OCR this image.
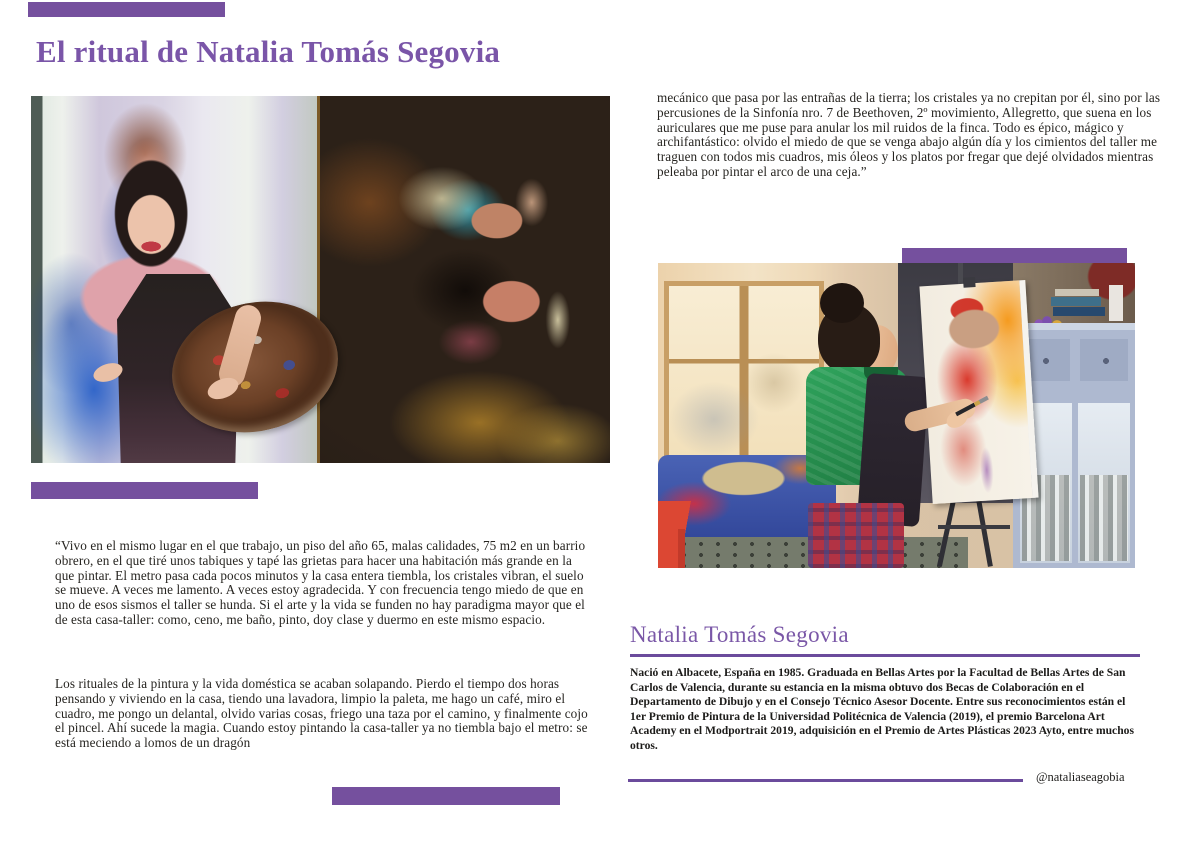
El ritual de Natalia Tomás Segovia

“Vivo en el mismo lugar en el que trabajo, un piso del año 65, malas calidades, 75 m2 en un barrio obrero, en el que tiré unos tabiques y tapé las grietas para hacer una habitación más grande en la que pintar. El metro pasa cada pocos minutos y la casa entera tiembla, los cristales vibran, el suelo se mueve. A veces me lamento. A veces estoy agradecida. Y con frecuencia tengo miedo de que en uno de esos sismos el taller se hunda. Si el arte y la vida se funden no hay paradigma mayor que el de esta casa-taller: como, ceno, me baño, pinto, doy clase y duermo en este mismo espacio.

Los rituales de la pintura y la vida doméstica se acaban solapando. Pierdo el tiempo dos horas pensando y viviendo en la casa, tiendo una lavadora, limpio la paleta, me hago un café, miro el cuadro, me pongo un delantal, olvido varias cosas, friego una taza por el camino, y finalmente cojo el pincel. Ahí sucede la magia. Cuando estoy pintando la casa-taller ya no tiembla bajo el metro: se está meciendo a lomos de un dragón

mecánico que pasa por las entrañas de la tierra; los cristales ya no crepitan por él, sino por las percusiones de la Sinfonía nro. 7 de Beethoven, 2º movimiento, Allegretto, que suena en los auriculares que me puse para anular los mil ruidos de la finca. Todo es épico, mágico y archifantástico: olvido el miedo de que se venga abajo algún día y los cimientos del taller me traguen con todos mis cuadros, mis óleos y los platos por fregar que dejé olvidados mientras peleaba por pintar el arco de una ceja.”

Natalia Tomás Segovia

Nació en Albacete, España en 1985. Graduada en Bellas Artes por la Facultad de Bellas Artes de San Carlos de Valencia, durante su estancia en la misma obtuvo dos Becas de Colaboración en el Departamento de Dibujo y en el Consejo Técnico Asesor Docente. Entre sus reconocimientos están el 1er Premio de Pintura de la Universidad Politécnica de Valencia (2019), el premio Barcelona Art Academy en el Modportrait 2019, adquisición en el Premio de Artes Plásticas 2023 Ayto, entre muchos otros.

@nataliaseagobia
